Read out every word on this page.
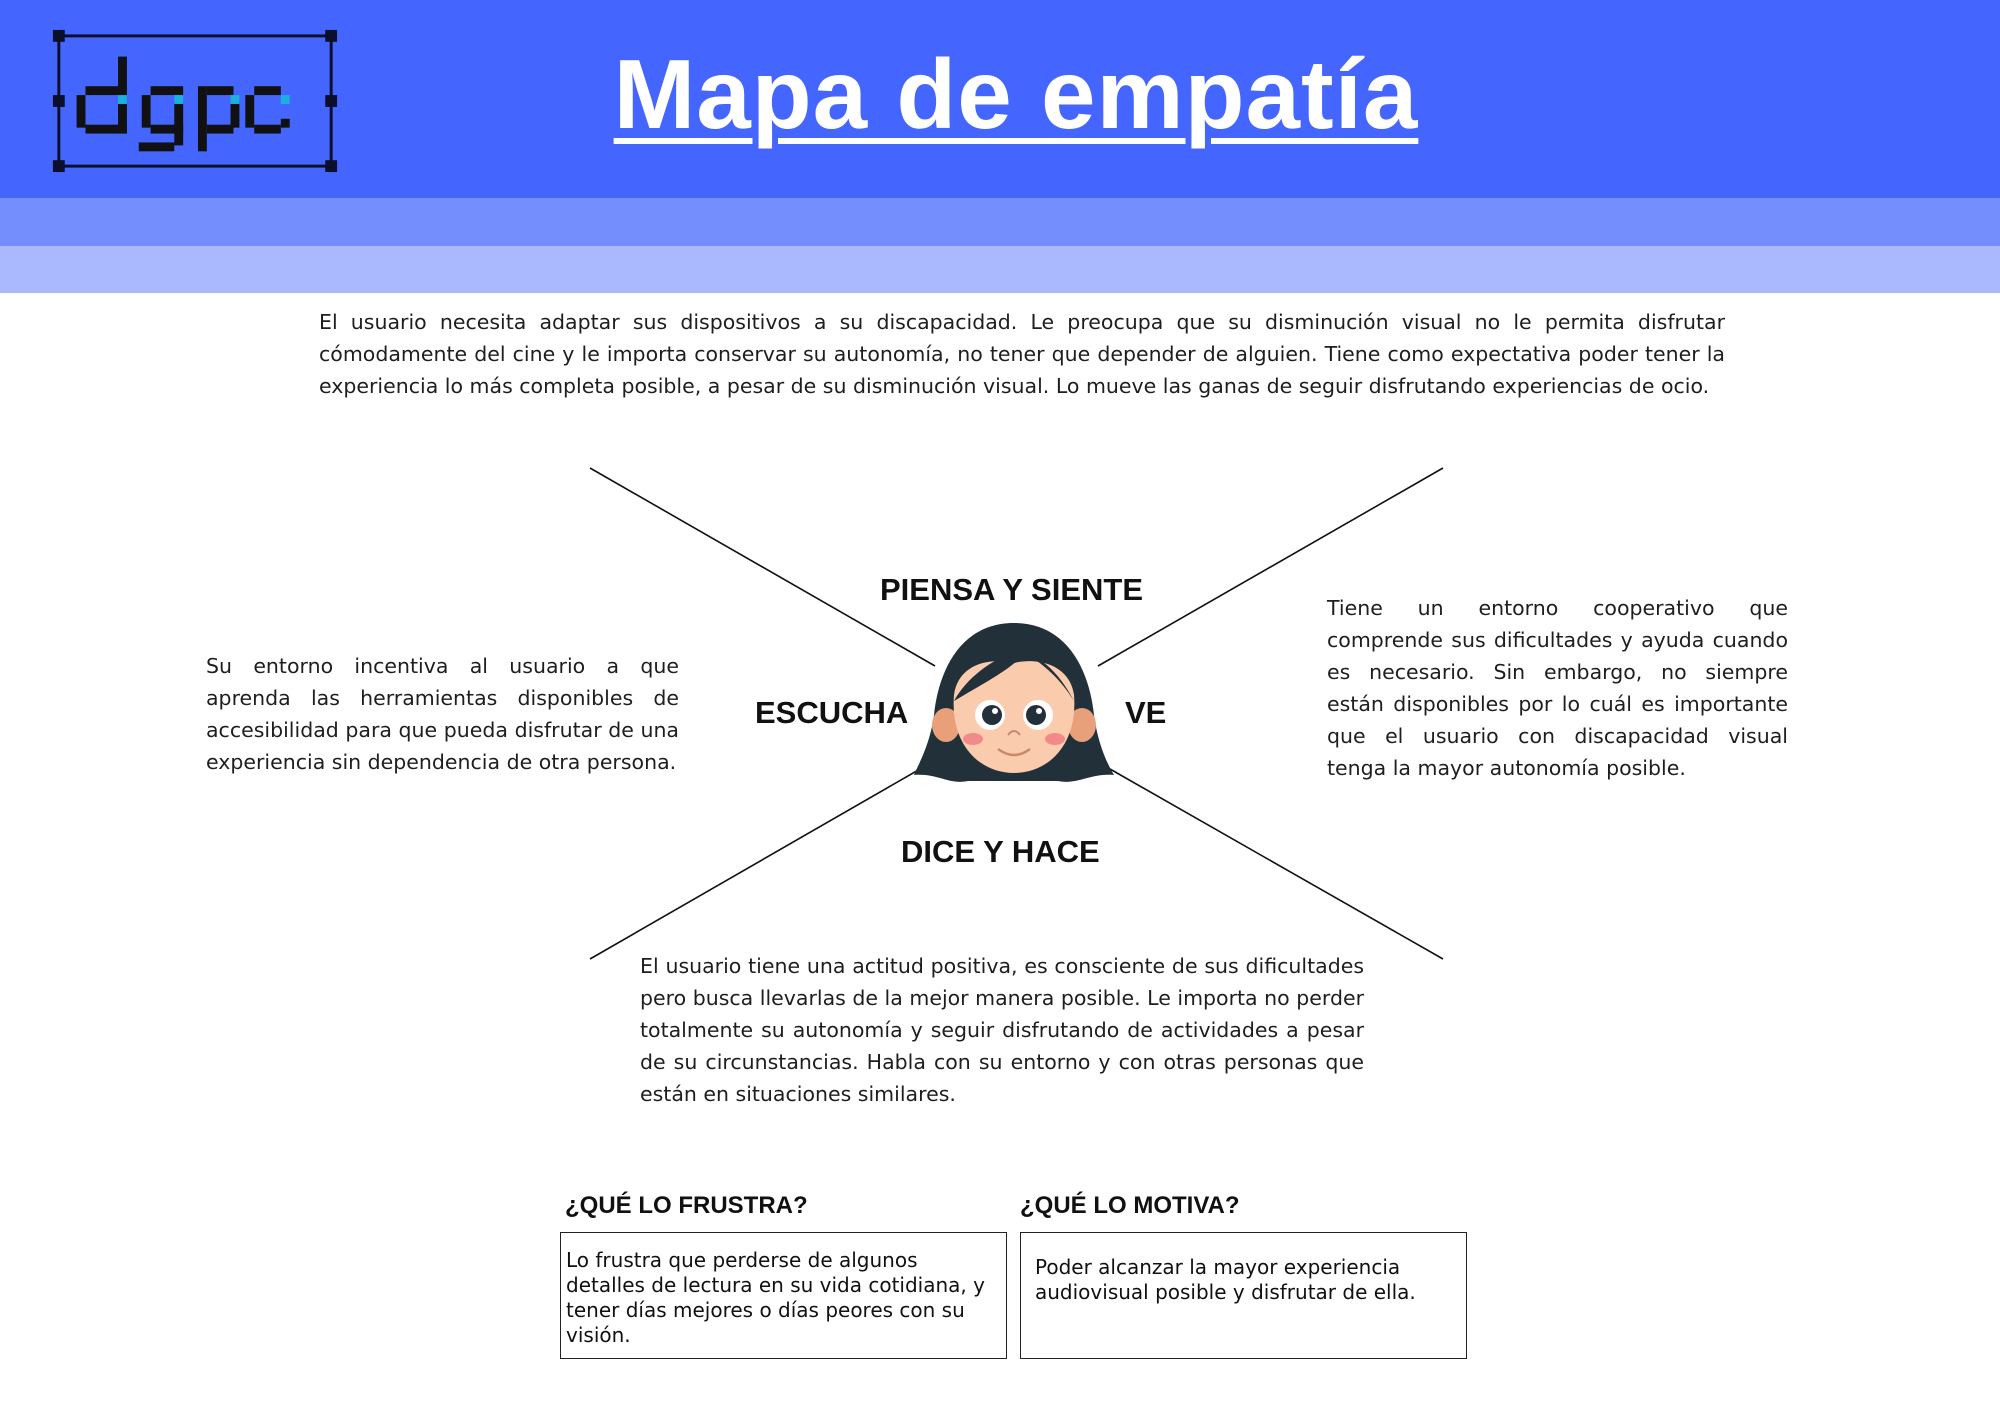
Mapa de empatía
El usuario necesita adaptar sus dispositivos a su discapacidad. Le preocupa que su disminución visual no le permita disfrutar cómodamente del cine y le importa conservar su autonomía, no tener que depender de alguien. Tiene como expectativa poder tener la experiencia lo más completa posible, a pesar de su disminución visual. Lo mueve las ganas de seguir disfrutando experiencias de ocio.
PIENSA Y SIENTE
ESCUCHA	VE
DICE Y HACE
Su entorno incentiva al usuario a que aprenda las herramientas disponibles de accesibilidad para que pueda disfrutar de una experiencia sin dependencia de otra persona.
Tiene un entorno cooperativo que comprende sus dificultades y ayuda cuando es necesario. Sin embargo, no siempre están disponibles por lo cuál es importante que el usuario con discapacidad visual tenga la mayor autonomía posible.
El usuario tiene una actitud positiva, es consciente de sus dificultades pero busca llevarlas de la mejor manera posible. Le importa no perder totalmente su autonomía y seguir disfrutando de actividades a pesar de su circunstancias. Habla con su entorno y con otras personas que están en situaciones similares.
¿QUÉ LO FRUSTRA?
Lo frustra que perderse de algunos detalles de lectura en su vida cotidiana, y tener días mejores o días peores con su visión.
¿QUÉ LO MOTIVA?
Poder alcanzar la mayor experiencia audiovisual posible y disfrutar de ella.
